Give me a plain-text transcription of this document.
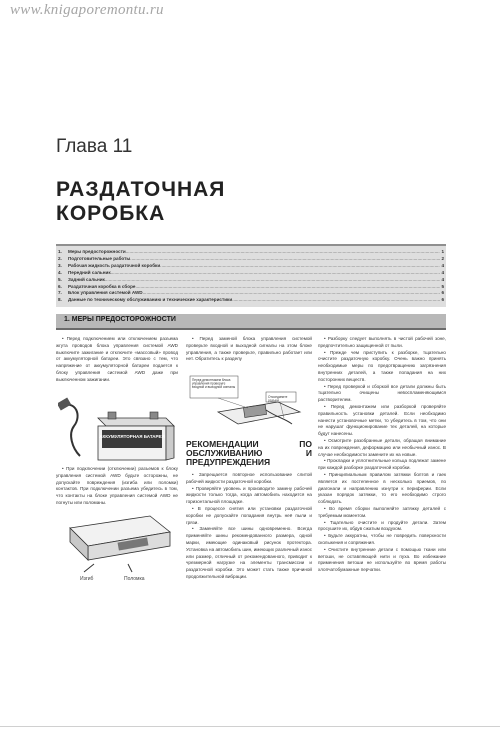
www.knigaporemontu.ru
Глава 11
РАЗДАТОЧНАЯ
КОРОБКА
1.	Меры предосторожности .....	1
2.	Подготовительные работы .....	2
3.	Рабочая жидкость раздаточной коробки .....	4
4.	Передний сальник .....	4
5.	Задний сальник .....	4
6.	Раздаточная коробка в сборе .....	5
7.	Блок управления системой AWD .....	6
8.	Данные по техническому обслуживанию и технические характеристики .....	6
1. МЕРЫ ПРЕДОСТОРОЖНОСТИ

• Перед подключением или отключением разъема жгута проводов блока управления системой AWD выключите зажигание и отключите «массовый» провод от аккумуляторной батареи. Это связано с тем, что напряжение от аккумуляторной батареи подается к блоку управления системой AWD даже при выключенном зажигании.

АККУМУЛЯТОРНАЯ БАТАРЕЯ

• При подключении (отключении) разъемов к блоку управления системой AWD будьте осторожны, не допускайте повреждения (изгиба или поломки) контактов. При подключении разъема убедитесь в том, что контакты на блоке управления системой AWD не погнуты или поломаны.

Изгиб	Поломка

• Перед заменой блока управления системой проверьте входной и выходной сигналы на этом блоке управления, а также проверьте, правильно работает или нет. Обратитесь к разделу

Перед демонтажем блока управления проверьте входной и выходной сигналы
Отсоедините разъем
РЕКОМЕНДАЦИИ ПО ОБСЛУЖИВАНИЮ И ПРЕДУПРЕЖДЕНИЯ

• Запрещается повторное использование слитой рабочей жидкости раздаточной коробки.

• Проверяйте уровень и производите замену рабочей жидкости только тогда, когда автомобиль находится на горизонтальной площадке.

• В процессе снятия или установки раздаточной коробки не допускайте попадания внутрь неё пыли и грязи.

• Заменяйте все шины одновременно. Всегда применяйте шины рекомендованного размера, одной марки, имеющие одинаковый рисунок протектора. Установка на автомобиль шин, имеющих различный износ или размер, отличный от рекомендованного, приводит к чрезмерной нагрузке на элементы трансмиссии и раздаточной коробки. Это может стать также причиной продолжительной вибрации.

• Разборку следует выполнять в чистой рабочей зоне, предпочтительно защищенной от пыли.

• Прежде чем приступить к разборке, тщательно очистите раздаточную коробку. Очень важно принять необходимые меры по предотвращению загрязнения внутренних деталей, а также попадания на них посторонних веществ.

• Перед проверкой и сборкой все детали должны быть тщательно очищены невоспламеняющимся растворителем.

• Перед демонтажем или разборкой проверяйте правильность установки деталей. Если необходимо нанести установочные метки, то убедитесь в том, что они не нарушат функционирование тех деталей, на которые будут нанесены.

• Осмотрите разобранные детали, обращая внимание на их повреждения, деформацию или необычный износ. В случае необходимости замените их на новые.

• Прокладки и уплотнительные кольца подлежат замене при каждой разборке раздаточной коробки.

• Принципиальным правилом затяжки болтов и гаек является их постепенное в несколько приемов, по диагонали и направлению изнутри к периферии. Если указан порядок затяжки, то его необходимо строго соблюдать.

• Во время сборки выполняйте затяжку деталей с требуемым моментом.

• Тщательно очистите и продуйте детали. Затем просушите их, обдув сжатым воздухом.

• Будьте аккуратны, чтобы не повредить поверхности скольжения и сопряжения.

• Очистите внутренние детали с помощью ткани или ветоши, не оставляющей нити и пуха. Во избежание применения ветоши не используйте во время работы хлопчатобумажные перчатки.
